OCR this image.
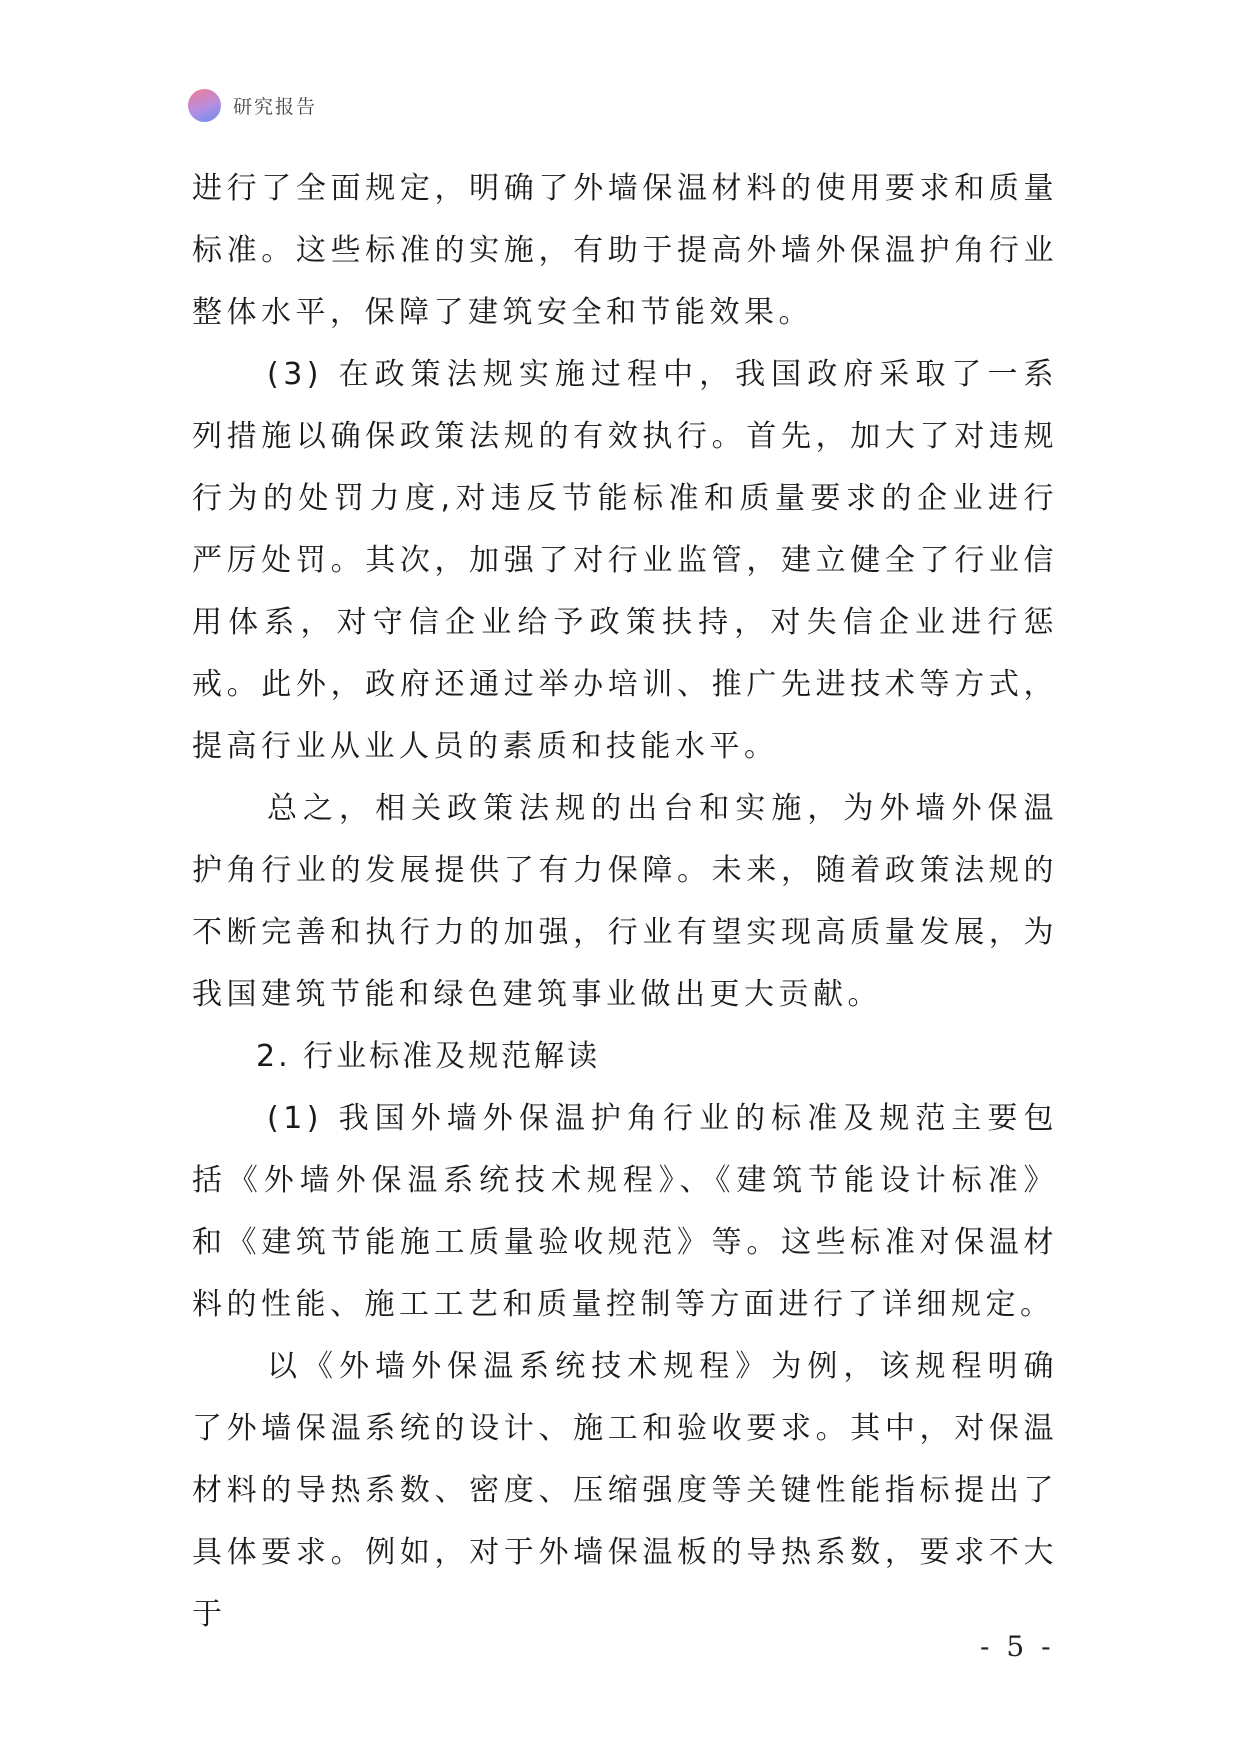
研究报告

进行了全面规定，明确了外墙保温材料的使用要求和质量标准。这些标准的实施，有助于提高外墙外保温护角行业整体水平，保障了建筑安全和节能效果。

(3) 在政策法规实施过程中，我国政府采取了一系列措施以确保政策法规的有效执行。首先，加大了对违规行为的处罚力度,对违反节能标准和质量要求的企业进行严厉处罚。其次，加强了对行业监管，建立健全了行业信用体系，对守信企业给予政策扶持，对失信企业进行惩戒。此外，政府还通过举办培训、推广先进技术等方式，提高行业从业人员的素质和技能水平。

总之，相关政策法规的出台和实施，为外墙外保温护角行业的发展提供了有力保障。未来，随着政策法规的不断完善和执行力的加强，行业有望实现高质量发展，为我国建筑节能和绿色建筑事业做出更大贡献。

2. 行业标准及规范解读

(1) 我国外墙外保温护角行业的标准及规范主要包括《外墙外保温系统技术规程》、《建筑节能设计标准》和《建筑节能施工质量验收规范》等。这些标准对保温材料的性能、施工工艺和质量控制等方面进行了详细规定。

以《外墙外保温系统技术规程》为例，该规程明确了外墙保温系统的设计、施工和验收要求。其中，对保温材料的导热系数、密度、压缩强度等关键性能指标提出了具体要求。例如，对于外墙保温板的导热系数，要求不大于

- 5 -
